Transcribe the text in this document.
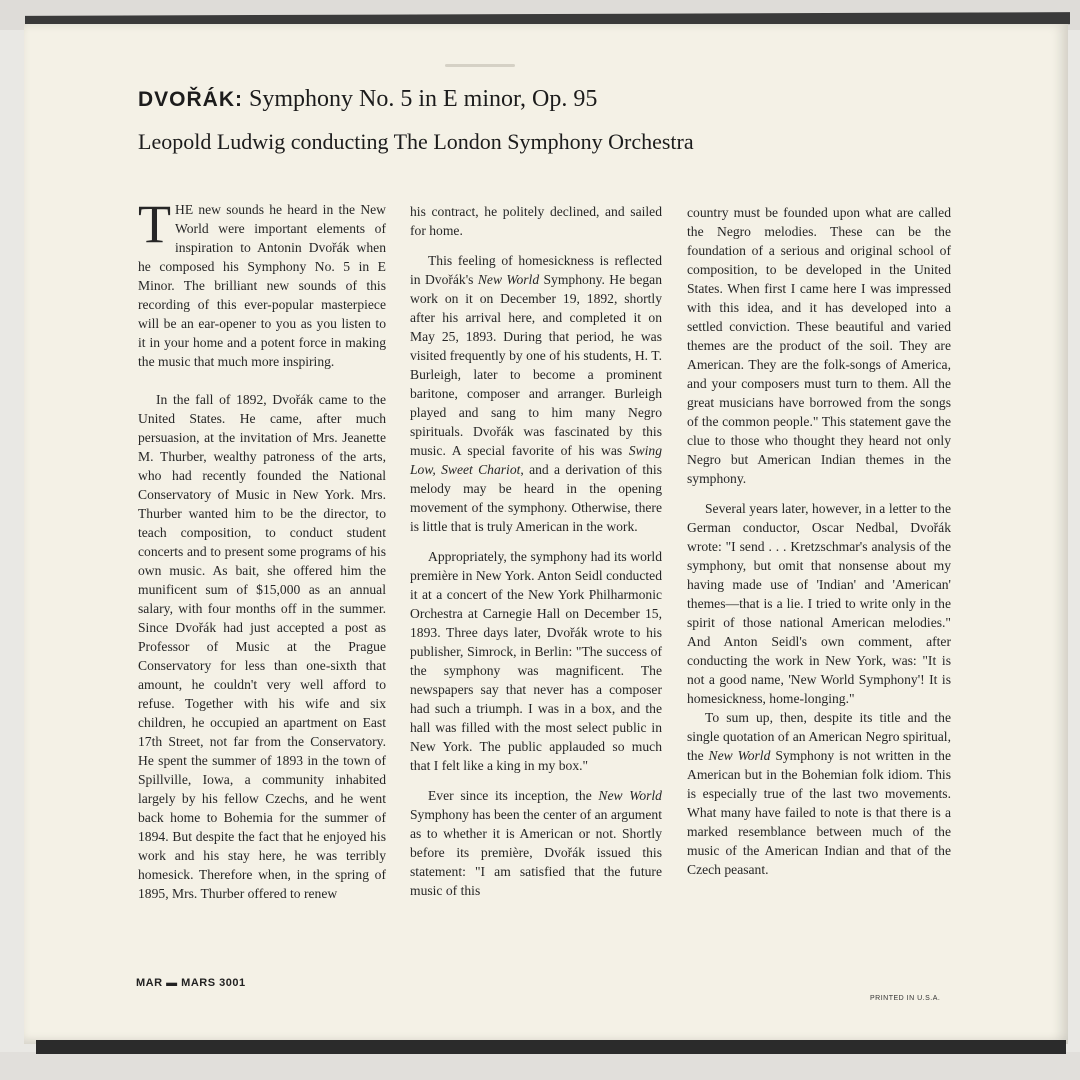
DVOŘÁK: Symphony No. 5 in E minor, Op. 95
Leopold Ludwig conducting The London Symphony Orchestra

THE new sounds he heard in the New World were important elements of inspiration to Antonin Dvořák when he composed his Symphony No. 5 in E Minor. The brilliant new sounds of this recording of this ever-popular masterpiece will be an ear-opener to you as you listen to it in your home and a potent force in making the music that much more inspiring.

In the fall of 1892, Dvořák came to the United States. He came, after much persuasion, at the invitation of Mrs. Jeanette M. Thurber, wealthy patroness of the arts, who had recently founded the National Conservatory of Music in New York. Mrs. Thurber wanted him to be the director, to teach composition, to conduct student concerts and to present some programs of his own music. As bait, she offered him the munificent sum of $15,000 as an annual salary, with four months off in the summer. Since Dvořák had just accepted a post as Professor of Music at the Prague Conservatory for less than one-sixth that amount, he couldn't very well afford to refuse. Together with his wife and six children, he occupied an apartment on East 17th Street, not far from the Conservatory. He spent the summer of 1893 in the town of Spillville, Iowa, a community inhabited largely by his fellow Czechs, and he went back home to Bohemia for the summer of 1894. But despite the fact that he enjoyed his work and his stay here, he was terribly homesick. Therefore when, in the spring of 1895, Mrs. Thurber offered to renew

his contract, he politely declined, and sailed for home.

This feeling of homesickness is reflected in Dvořák's New World Symphony. He began work on it on December 19, 1892, shortly after his arrival here, and completed it on May 25, 1893. During that period, he was visited frequently by one of his students, H. T. Burleigh, later to become a prominent baritone, composer and arranger. Burleigh played and sang to him many Negro spirituals. Dvořák was fascinated by this music. A special favorite of his was Swing Low, Sweet Chariot, and a derivation of this melody may be heard in the opening movement of the symphony. Otherwise, there is little that is truly American in the work.

Appropriately, the symphony had its world première in New York. Anton Seidl conducted it at a concert of the New York Philharmonic Orchestra at Carnegie Hall on December 15, 1893. Three days later, Dvořák wrote to his publisher, Simrock, in Berlin: "The success of the symphony was magnificent. The newspapers say that never has a composer had such a triumph. I was in a box, and the hall was filled with the most select public in New York. The public applauded so much that I felt like a king in my box."

Ever since its inception, the New World Symphony has been the center of an argument as to whether it is American or not. Shortly before its première, Dvořák issued this statement: "I am satisfied that the future music of this

country must be founded upon what are called the Negro melodies. These can be the foundation of a serious and original school of composition, to be developed in the United States. When first I came here I was impressed with this idea, and it has developed into a settled conviction. These beautiful and varied themes are the product of the soil. They are American. They are the folk-songs of America, and your composers must turn to them. All the great musicians have borrowed from the songs of the common people." This statement gave the clue to those who thought they heard not only Negro but American Indian themes in the symphony.

Several years later, however, in a letter to the German conductor, Oscar Nedbal, Dvořák wrote: "I send . . . Kretzschmar's analysis of the symphony, but omit that nonsense about my having made use of 'Indian' and 'American' themes—that is a lie. I tried to write only in the spirit of those national American melodies." And Anton Seidl's own comment, after conducting the work in New York, was: "It is not a good name, 'New World Symphony'! It is homesickness, home-longing."

To sum up, then, despite its title and the single quotation of an American Negro spiritual, the New World Symphony is not written in the American but in the Bohemian folk idiom. This is especially true of the last two movements. What many have failed to note is that there is a marked resemblance between much of the music of the American Indian and that of the Czech peasant.

MAR ▬ MARS 3001
PRINTED IN U.S.A.
